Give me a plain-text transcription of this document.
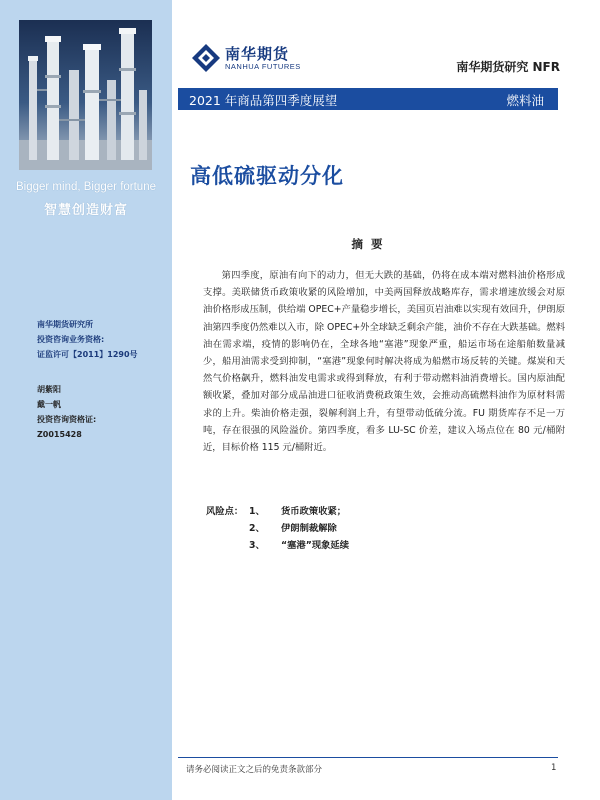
Bigger mind, Bigger fortune
智慧创造财富
南华期货研究所
投资咨询业务资格:
证监许可【2011】1290号
胡紫阳
戴一帆
投资咨询资格证:
Z0015428
南华期货
NANHUA FUTURES	南华期货研究 NFR
2021 年商品第四季度展望	燃料油
高低硫驱动分化
摘 要

第四季度，原油有向下的动力，但无大跌的基础，仍将在成本端对燃料油价格形成支撑。美联储货币政策收紧的风险增加，中美两国释放战略库存，需求增速放缓会对原油价格形成压制，供给端 OPEC+产量稳步增长，美国页岩油难以实现有效回升，伊朗原油第四季度仍然难以入市，除 OPEC+外全球缺乏剩余产能，油价不存在大跌基础。燃料油在需求端，疫情的影响仍在，全球各地“塞港”现象严重，船运市场在途船舶数量减少，船用油需求受到抑制，“塞港”现象何时解决将成为船燃市场反转的关键。煤炭和天然气价格飙升，燃料油发电需求或得到释放，有利于带动燃料油消费增长。国内原油配额收紧，叠加对部分成品油进口征收消费税政策生效，会推动高硫燃料油作为原材料需求的上升。柴油价格走强，裂解利润上升，有望带动低硫分流。FU 期货库存不足一万吨，存在很强的风险溢价。第四季度，看多 LU-SC 价差，建议入场点位在 80 元/桶附近，目标价格 115 元/桶附近。

风险点： 1、 货币政策收紧；
2、 伊朗制裁解除
3、 “塞港”现象延续
请务必阅读正文之后的免责条款部分	1
